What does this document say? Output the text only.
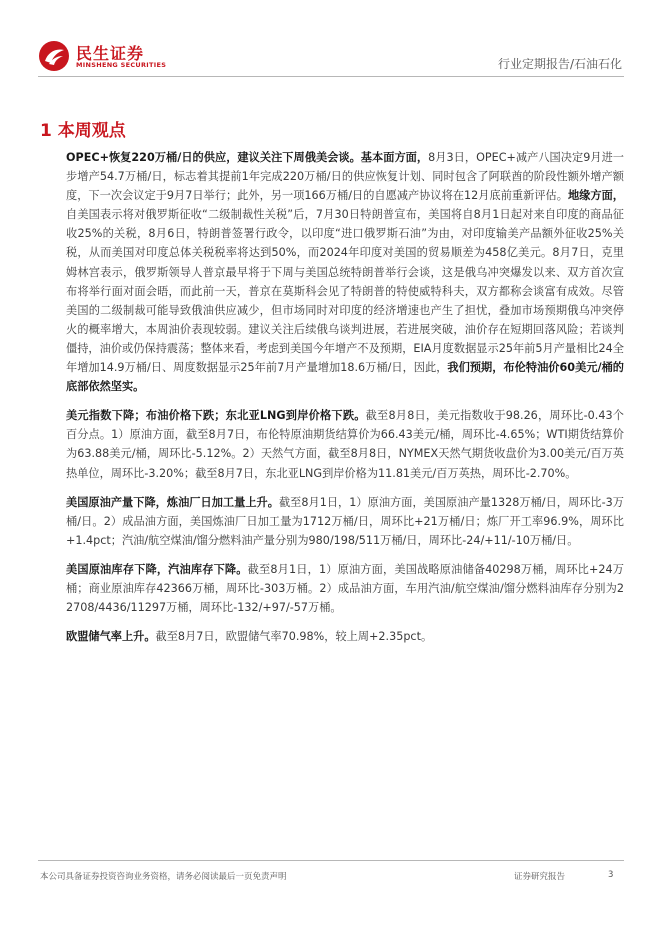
民生证券
MINSHENG SECURITIES	行业定期报告/石油石化
1 本周观点

OPEC+恢复220万桶/日的供应，建议关注下周俄美会谈。基本面方面，8月3日，OPEC+减产八国决定9月进一步增产54.7万桶/日，标志着其提前1年完成220万桶/日的供应恢复计划、同时包含了阿联酋的阶段性额外增产额度，下一次会议定于9月7日举行；此外，另一项166万桶/日的自愿减产协议将在12月底前重新评估。地缘方面，自美国表示将对俄罗斯征收“二级制裁性关税”后，7月30日特朗普宣布，美国将自8月1日起对来自印度的商品征收25%的关税，8月6日，特朗普签署行政令，以印度“进口俄罗斯石油”为由，对印度输美产品额外征收25%关税，从而美国对印度总体关税税率将达到50%，而2024年印度对美国的贸易顺差为458亿美元。8月7日，克里姆林宫表示，俄罗斯领导人普京最早将于下周与美国总统特朗普举行会谈，这是俄乌冲突爆发以来、双方首次宣布将举行面对面会晤，而此前一天，普京在莫斯科会见了特朗普的特使威特科夫，双方都称会谈富有成效。尽管美国的二级制裁可能导致俄油供应减少，但市场同时对印度的经济增速也产生了担忧，叠加市场预期俄乌冲突停火的概率增大，本周油价表现较弱。建议关注后续俄乌谈判进展，若进展突破，油价存在短期回落风险；若谈判僵持，油价或仍保持震荡；整体来看，考虑到美国今年增产不及预期，EIA月度数据显示25年前5月产量相比24全年增加14.9万桶/日、周度数据显示25年前7月产量增加18.6万桶/日，因此，我们预期，布伦特油价60美元/桶的底部依然坚实。

美元指数下降；布油价格下跌；东北亚LNG到岸价格下跌。截至8月8日，美元指数收于98.26，周环比-0.43个百分点。1）原油方面，截至8月7日，布伦特原油期货结算价为66.43美元/桶，周环比-4.65%；WTI期货结算价为63.88美元/桶，周环比-5.12%。2）天然气方面，截至8月8日，NYMEX天然气期货收盘价为3.00美元/百万英热单位，周环比-3.20%；截至8月7日，东北亚LNG到岸价格为11.81美元/百万英热，周环比-2.70%。

美国原油产量下降，炼油厂日加工量上升。截至8月1日，1）原油方面，美国原油产量1328万桶/日，周环比-3万桶/日。2）成品油方面，美国炼油厂日加工量为1712万桶/日，周环比+21万桶/日；炼厂开工率96.9%，周环比+1.4pct；汽油/航空煤油/馏分燃料油产量分别为980/198/511万桶/日，周环比-24/+11/-10万桶/日。

美国原油库存下降，汽油库存下降。截至8月1日，1）原油方面，美国战略原油储备40298万桶，周环比+24万桶；商业原油库存42366万桶，周环比-303万桶。2）成品油方面，车用汽油/航空煤油/馏分燃料油库存分别为22708/4436/11297万桶，周环比-132/+97/-57万桶。

欧盟储气率上升。截至8月7日，欧盟储气率70.98%，较上周+2.35pct。

本公司具备证券投资咨询业务资格，请务必阅读最后一页免责声明	证券研究报告	3
